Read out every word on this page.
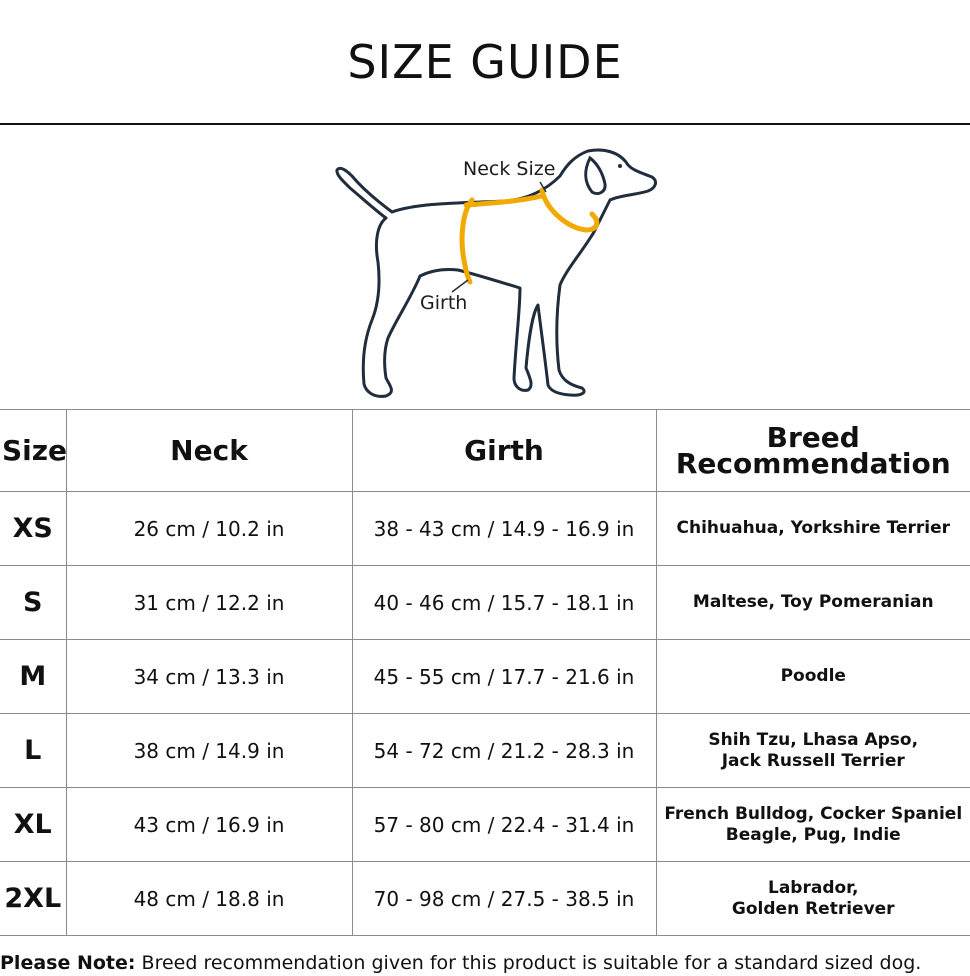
SIZE GUIDE
Neck Size
Girth
Size	Neck	Girth	Breed
Recommendation
XS	26 cm / 10.2 in	38 - 43 cm / 14.9 - 16.9 in	Chihuahua, Yorkshire Terrier
S	31 cm / 12.2 in	40 - 46 cm / 15.7 - 18.1 in	Maltese, Toy Pomeranian
M	34 cm / 13.3 in	45 - 55 cm / 17.7 - 21.6 in	Poodle
L	38 cm / 14.9 in	54 - 72 cm / 21.2 - 28.3 in	Shih Tzu, Lhasa Apso,
Jack Russell Terrier
XL	43 cm / 16.9 in	57 - 80 cm / 22.4 - 31.4 in	French Bulldog, Cocker Spaniel
Beagle, Pug, Indie
2XL	48 cm / 18.8 in	70 - 98 cm / 27.5 - 38.5 in	Labrador,
Golden Retriever
Please Note: Breed recommendation given for this product is suitable for a standard sized dog.
